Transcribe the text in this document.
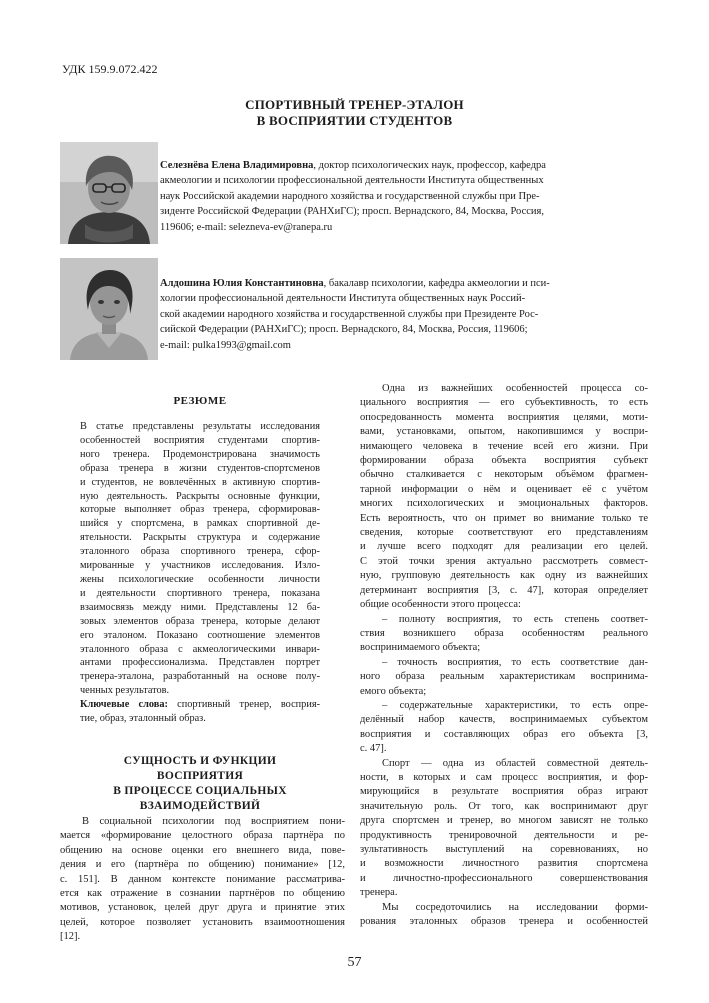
УДК 159.9.072.422
СПОРТИВНЫЙ ТРЕНЕР-ЭТАЛОН
В ВОСПРИЯТИИ СТУДЕНТОВ
Селезнёва Елена Владимировна, доктор психологических наук, профессор, кафедра
акмеологии и психологии профессиональной деятельности Института общественных
наук Российской академии народного хозяйства и государственной службы при Пре-
зиденте Российской Федерации (РАНХиГС); просп. Вернадского, 84, Москва, Россия,
119606; e-mail: selezneva-ev@ranepa.ru
Алдошина Юлия Константиновна, бакалавр психологии, кафедра акмеологии и пси-
хологии профессиональной деятельности Института общественных наук Россий-
ской академии народного хозяйства и государственной службы при Президенте Рос-
сийской Федерации (РАНХиГС); просп. Вернадского, 84, Москва, Россия, 119606;
e-mail: pulka1993@gmail.com
РЕЗЮМЕ
В статье представлены результаты исследования
особенностей восприятия студентами спортив-
ного тренера. Продемонстрирована значимость
образа тренера в жизни студентов-спортсменов
и студентов, не вовлечённых в активную спортив-
ную деятельность. Раскрыты основные функции,
которые выполняет образ тренера, сформировав-
шийся у спортсмена, в рамках спортивной де-
ятельности. Раскрыты структура и содержание
эталонного образа спортивного тренера, сфор-
мированные у участников исследования. Изло-
жены психологические особенности личности
и деятельности спортивного тренера, показана
взаимосвязь между ними. Представлены 12 ба-
зовых элементов образа тренера, которые делают
его эталоном. Показано соотношение элементов
эталонного образа с акмеологическими инвари-
антами профессионализма. Представлен портрет
тренера-эталона, разработанный на основе полу-
ченных результатов.
Ключевые слова: спортивный тренер, восприя-
тие, образ, эталонный образ.
СУЩНОСТЬ И ФУНКЦИИ ВОСПРИЯТИЯ
В ПРОЦЕССЕ СОЦИАЛЬНЫХ
ВЗАИМОДЕЙСТВИЙ
В социальной психологии под восприятием пони-
мается «формирование целостного образа партнёра по
общению на основе оценки его внешнего вида, пове-
дения и его (партнёра по общению) понимание» [12,
с. 151]. В данном контексте понимание рассматрива-
ется как отражение в сознании партнёров по общению
мотивов, установок, целей друг друга и принятие этих
целей, которое позволяет установить взаимоотношения
[12].
Одна из важнейших особенностей процесса со-
циального восприятия — его субъективность, то есть
опосредованность момента восприятия целями, моти-
вами, установками, опытом, накопившимся у воспри-
нимающего человека в течение всей его жизни. При
формировании образа объекта восприятия субъект
обычно сталкивается с некоторым объёмом фрагмен-
тарной информации о нём и оценивает её с учётом
многих психологических и эмоциональных факторов.
Есть вероятность, что он примет во внимание только те
сведения, которые соответствуют его представлениям
и лучше всего подходят для реализации его целей.
С этой точки зрения актуально рассмотреть совмест-
ную, групповую деятельность как одну из важнейших
детерминант восприятия [3, с. 47], которая определяет
общие особенности этого процесса:
– полноту восприятия, то есть степень соответ-
ствия возникшего образа особенностям реального
воспринимаемого объекта;
– точность восприятия, то есть соответствие дан-
ного образа реальным характеристикам воспринима-
емого объекта;
– содержательные характеристики, то есть опре-
делённый набор качеств, воспринимаемых субъектом
восприятия и составляющих образ его объекта [3,
с. 47].
Спорт — одна из областей совместной деятель-
ности, в которых и сам процесс восприятия, и фор-
мирующийся в результате восприятия образ играют
значительную роль. От того, как воспринимают друг
друга спортсмен и тренер, во многом зависят не только
продуктивность тренировочной деятельности и ре-
зультативность выступлений на соревнованиях, но
и возможности личностного развития спортсмена
и личностно-профессионального совершенствования
тренера.
Мы сосредоточились на исследовании форми-
рования эталонных образов тренера и особенностей
57
